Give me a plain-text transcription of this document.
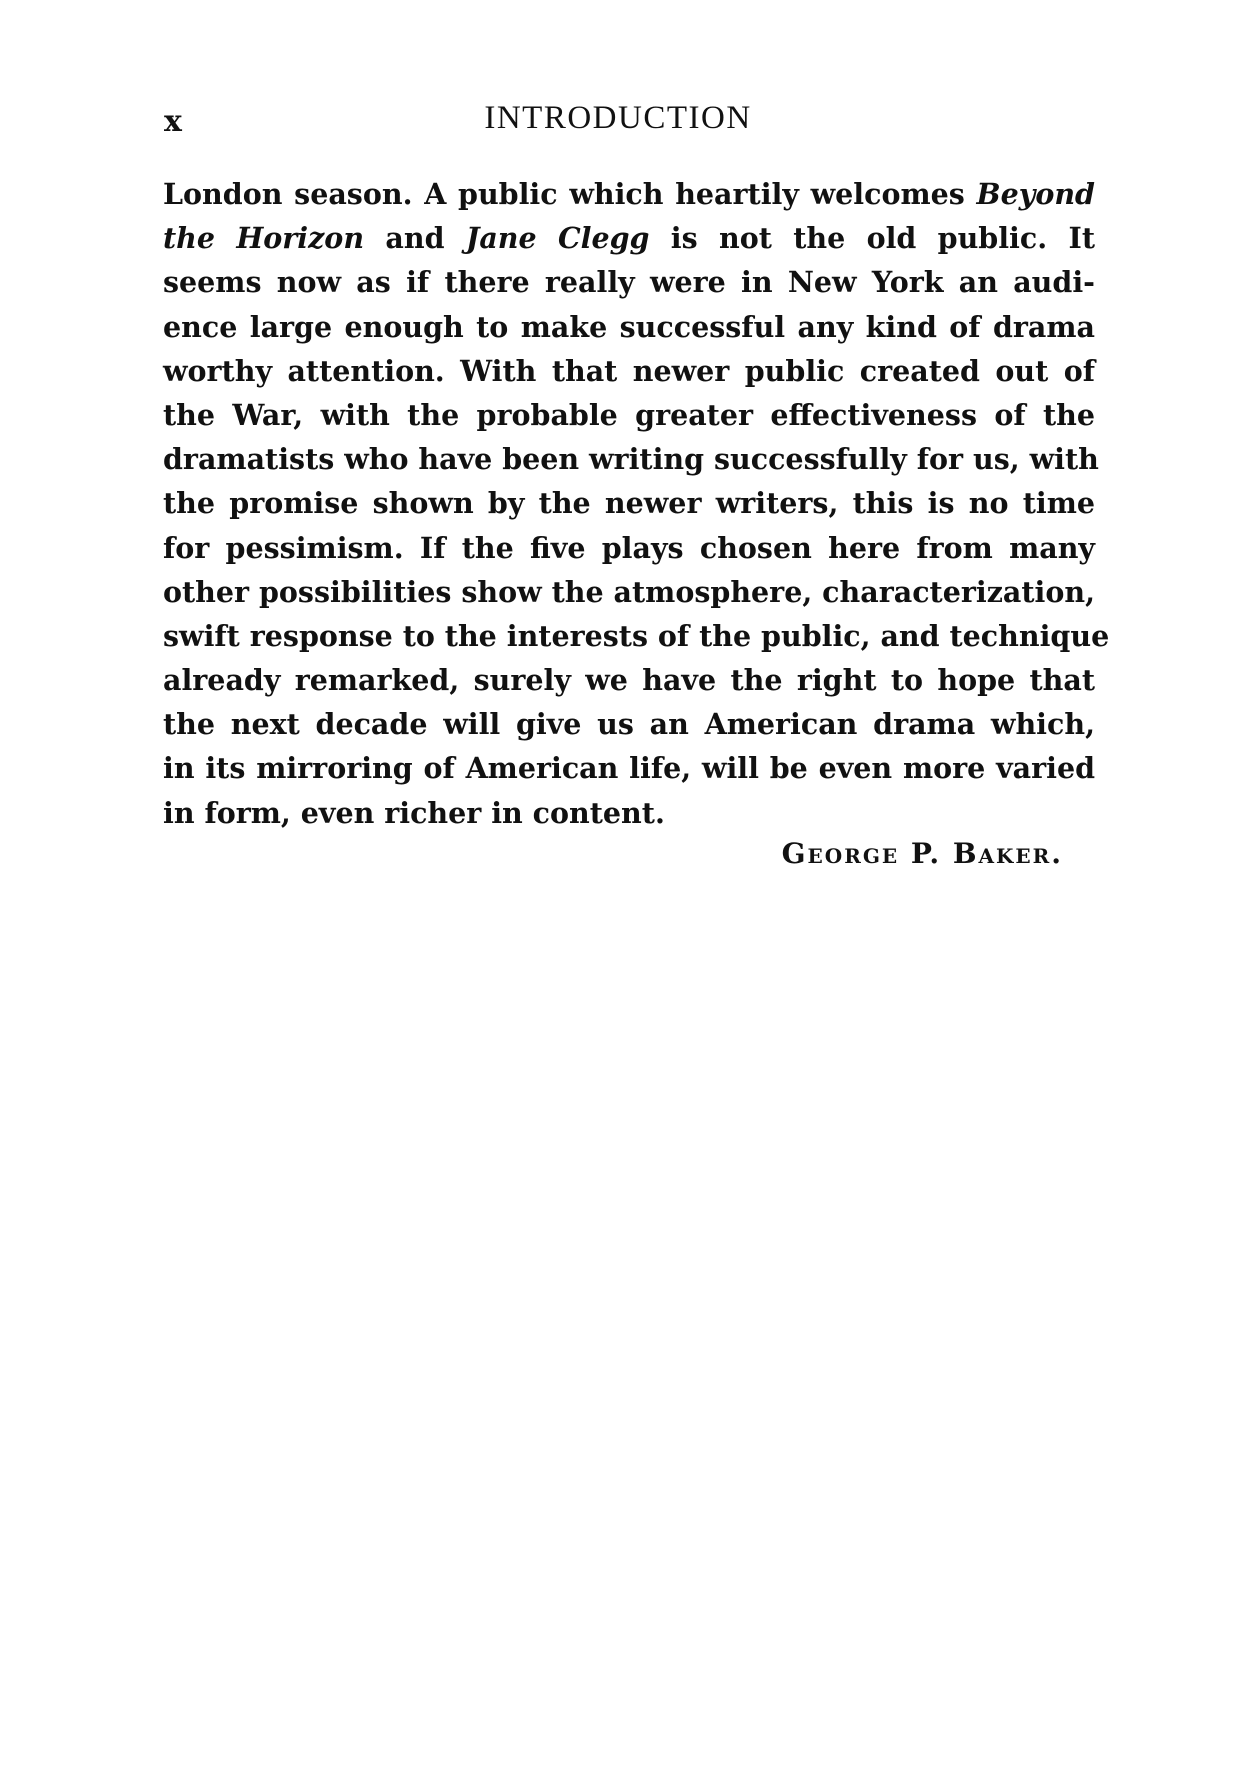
x	INTRODUCTION
London season. A public which heartily welcomes Beyond
the Horizon and Jane Clegg is not the old public. It
seems now as if there really were in New York an audi-
ence large enough to make successful any kind of drama
worthy attention. With that newer public created out of
the War, with the probable greater effectiveness of the
dramatists who have been writing successfully for us, with
the promise shown by the newer writers, this is no time
for pessimism. If the five plays chosen here from many
other possibilities show the atmosphere, characterization,
swift response to the interests of the public, and technique
already remarked, surely we have the right to hope that
the next decade will give us an American drama which,
in its mirroring of American life, will be even more varied
in form, even richer in content.
George P. Baker.
